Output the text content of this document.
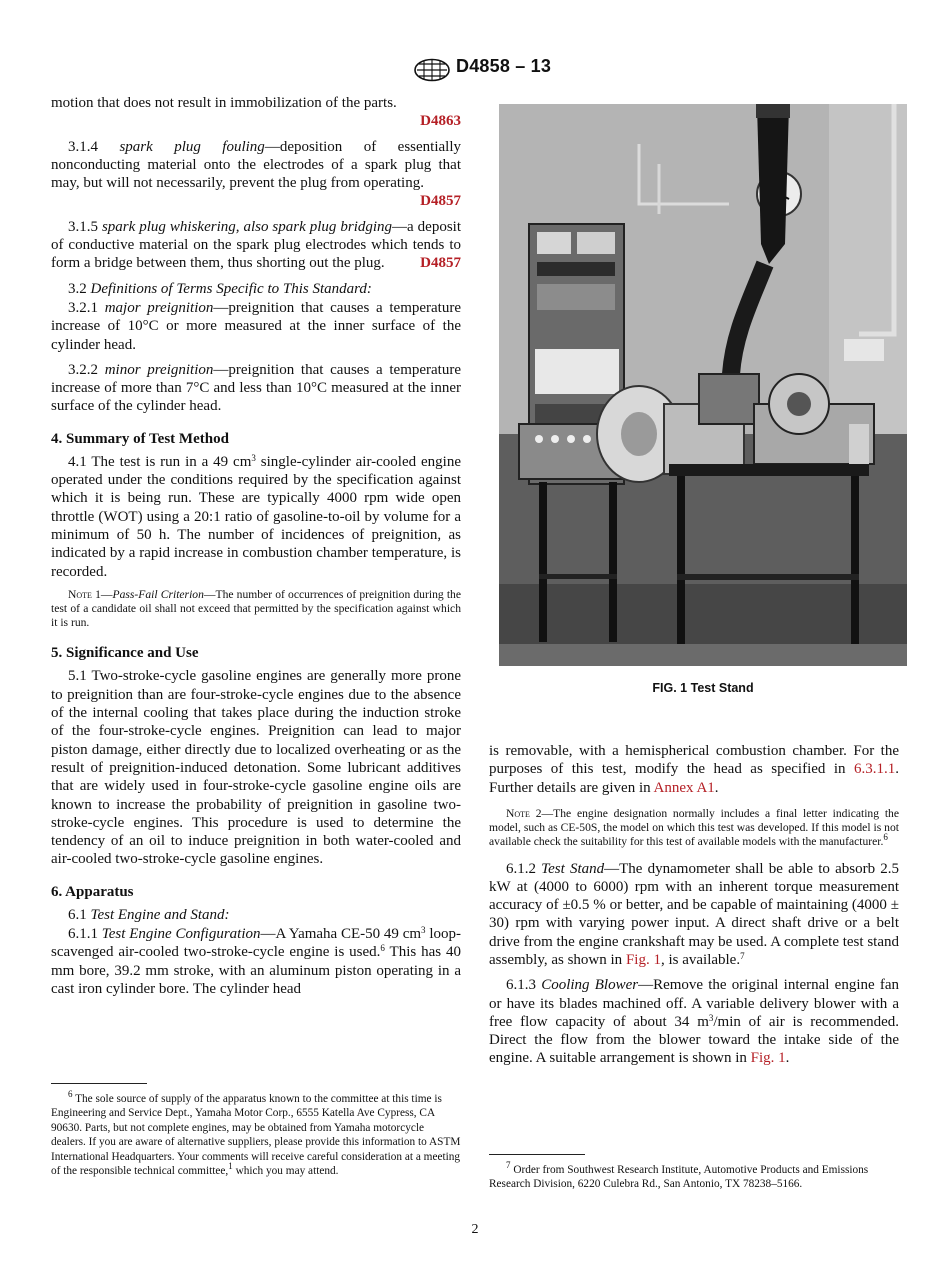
D4858 – 13

motion that does not result in immobilization of the parts.

D4863

3.1.4 spark plug fouling—deposition of essentially nonconducting material onto the electrodes of a spark plug that may, but will not necessarily, prevent the plug from operating.
D4857

3.1.5 spark plug whiskering, also spark plug bridging—a deposit of conductive material on the spark plug electrodes which tends to form a bridge between them, thus shorting out the plug.	D4857

3.2 Definitions of Terms Specific to This Standard:

3.2.1 major preignition—preignition that causes a temperature increase of 10°C or more measured at the inner surface of the cylinder head.

3.2.2 minor preignition—preignition that causes a temperature increase of more than 7°C and less than 10°C measured at the inner surface of the cylinder head.

4. Summary of Test Method

4.1 The test is run in a 49 $cm^3$ single-cylinder air-cooled engine operated under the conditions required by the specification against which it is being run. These are typically 4000 rpm wide open throttle (WOT) using a 20:1 ratio of gasoline-to-oil by volume for a minimum of 50 h. The number of incidences of preignition, as indicated by a rapid increase in combustion chamber temperature, is recorded.

Note 1—Pass-Fail Criterion—The number of occurrences of preignition during the test of a candidate oil shall not exceed that permitted by the specification against which it is run.

5. Significance and Use

5.1 Two-stroke-cycle gasoline engines are generally more prone to preignition than are four-stroke-cycle engines due to the absence of the internal cooling that takes place during the induction stroke of the four-stroke-cycle engines. Preignition can lead to major piston damage, either directly due to localized overheating or as the result of preignition-induced detonation. Some lubricant additives that are widely used in four-stroke-cycle gasoline engine oils are known to increase the probability of preignition in gasoline two-stroke-cycle engines. This procedure is used to determine the tendency of an oil to induce preignition in both water-cooled and air-cooled two-stroke-cycle gasoline engines.

6. Apparatus

6.1 Test Engine and Stand:

6.1.1 Test Engine Configuration—A Yamaha CE-50 49 $cm^3$ loop-scavenged air-cooled two-stroke-cycle engine is used.$^6$ This has 40 mm bore, 39.2 mm stroke, with an aluminum piston operating in a cast iron cylinder bore. The cylinder head

$^6$ The sole source of supply of the apparatus known to the committee at this time is Engineering and Service Dept., Yamaha Motor Corp., 6555 Katella Ave Cypress, CA 90630. Parts, but not complete engines, may be obtained from Yamaha motorcycle dealers. If you are aware of alternative suppliers, please provide this information to ASTM International Headquarters. Your comments will receive careful consideration at a meeting of the responsible technical committee,$^1$ which you may attend.

FIG. 1 Test Stand

is removable, with a hemispherical combustion chamber. For the purposes of this test, modify the head as specified in 6.3.1.1. Further details are given in Annex A1.

Note 2—The engine designation normally includes a final letter indicating the model, such as CE-50S, the model on which this test was developed. If this model is not available check the suitability for this test of available models with the manufacturer.$^6$

6.1.2 Test Stand—The dynamometer shall be able to absorb 2.5 kW at (4000 to 6000) rpm with an inherent torque measurement accuracy of ±0.5 % or better, and be capable of maintaining (4000 ± 30) rpm with varying power input. A direct shaft drive or a belt drive from the engine crankshaft may be used. A complete test stand assembly, as shown in Fig. 1, is available.$^7$

6.1.3 Cooling Blower—Remove the original internal engine fan or have its blades machined off. A variable delivery blower with a free flow capacity of about 34 $m^3/\min$ of air is recommended. Direct the flow from the blower toward the intake side of the engine. A suitable arrangement is shown in Fig. 1.

$^7$ Order from Southwest Research Institute, Automotive Products and Emissions Research Division, 6220 Culebra Rd., San Antonio, TX 78238–5166.

2
